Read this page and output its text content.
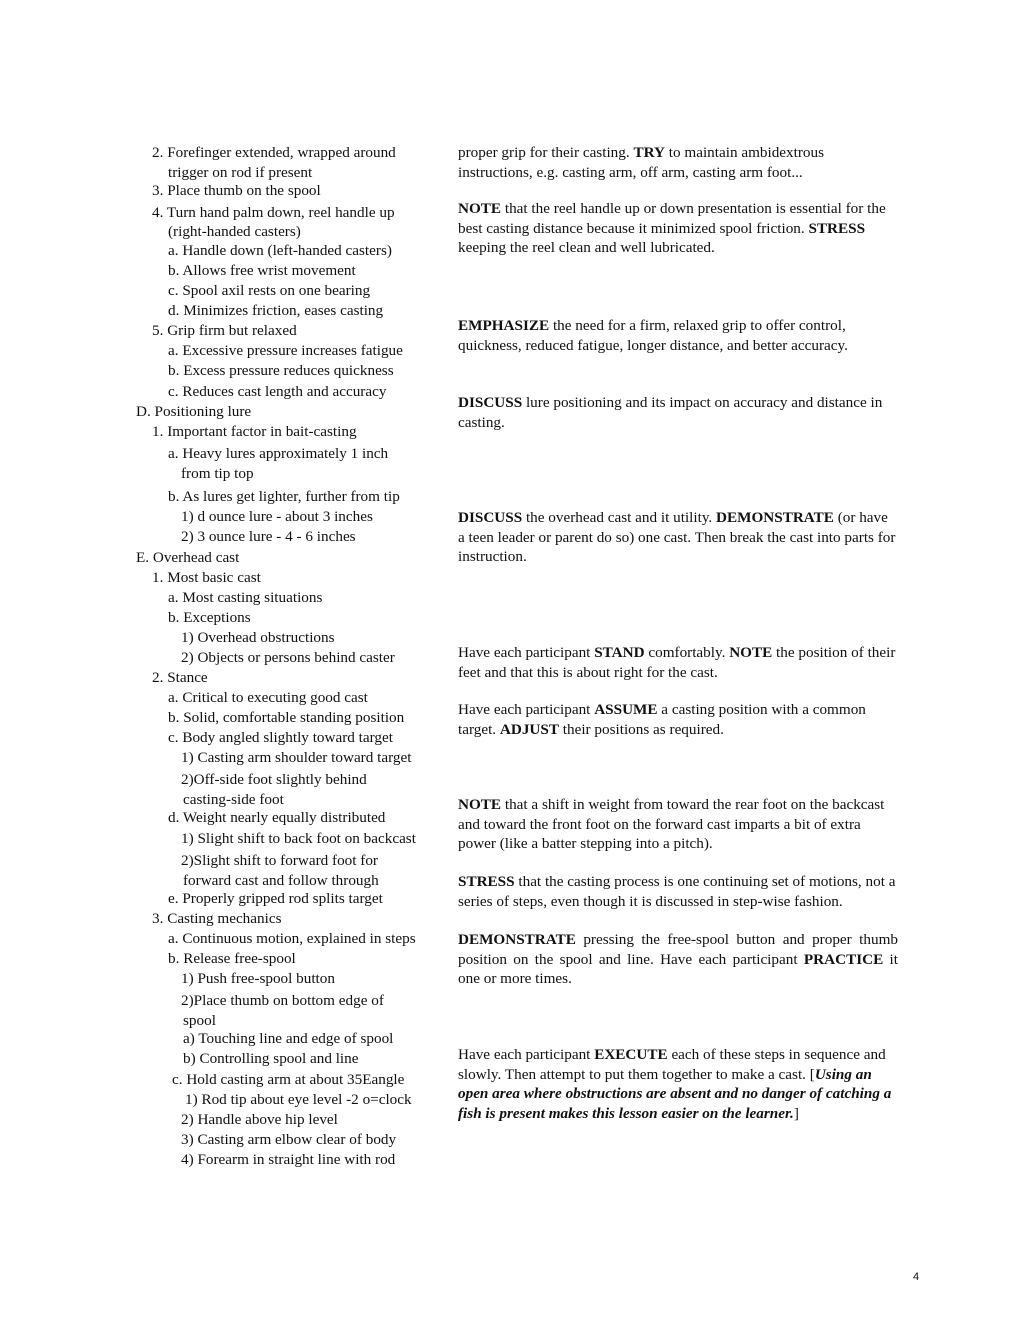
2. Forefinger extended, wrapped around
trigger on rod if present
3. Place thumb on the spool
4. Turn hand palm down, reel handle up
(right-handed casters)
a. Handle down (left-handed casters)
b. Allows free wrist movement
c. Spool axil rests on one bearing
d. Minimizes friction, eases casting
5. Grip firm but relaxed
a. Excessive pressure increases fatigue
b. Excess pressure reduces quickness
c. Reduces cast length and accuracy
D. Positioning lure
1. Important factor in bait-casting
a. Heavy lures approximately 1 inch
from tip top
b. As lures get lighter, further from tip
1) d ounce lure - about 3 inches
2) 3 ounce lure - 4 - 6 inches
E. Overhead cast
1. Most basic cast
a. Most casting situations
b. Exceptions
1) Overhead obstructions
2) Objects or persons behind caster
2. Stance
a. Critical to executing good cast
b. Solid, comfortable standing position
c. Body angled slightly toward target
1) Casting arm shoulder toward target
2)Off-side foot slightly behind
casting-side foot
d. Weight nearly equally distributed
1) Slight shift to back foot on backcast
2)Slight shift to forward foot for
forward cast and follow through
e. Properly gripped rod splits target
3. Casting mechanics
a. Continuous motion, explained in steps
b. Release free-spool
1) Push free-spool button
2)Place thumb on bottom edge of
spool
a) Touching line and edge of spool
b) Controlling spool and line
c. Hold casting arm at about 35Eangle
1) Rod tip about eye level -2 o=clock
2) Handle above hip level
3) Casting arm elbow clear of body
4) Forearm in straight line with rod

proper grip for their casting. TRY to maintain ambidextrous instructions, e.g. casting arm, off arm, casting arm foot...

NOTE that the reel handle up or down presentation is essential for the best casting distance because it minimized spool friction. STRESS keeping the reel clean and well lubricated.

EMPHASIZE the need for a firm, relaxed grip to offer control, quickness, reduced fatigue, longer distance, and better accuracy.

DISCUSS lure positioning and its impact on accuracy and distance in casting.

DISCUSS the overhead cast and it utility. DEMONSTRATE (or have a teen leader or parent do so) one cast. Then break the cast into parts for instruction.

Have each participant STAND comfortably. NOTE the position of their feet and that this is about right for the cast.

Have each participant ASSUME a casting position with a common target. ADJUST their positions as required.

NOTE that a shift in weight from toward the rear foot on the backcast and toward the front foot on the forward cast imparts a bit of extra power (like a batter stepping into a pitch).

STRESS that the casting process is one continuing set of motions, not a series of steps, even though it is discussed in step-wise fashion.

DEMONSTRATE pressing the free-spool button and proper thumb position on the spool and line. Have each participant PRACTICE it one or more times.

Have each participant EXECUTE each of these steps in sequence and slowly. Then attempt to put them together to make a cast. [Using an open area where obstructions are absent and no danger of catching a fish is present makes this lesson easier on the learner.]

4
